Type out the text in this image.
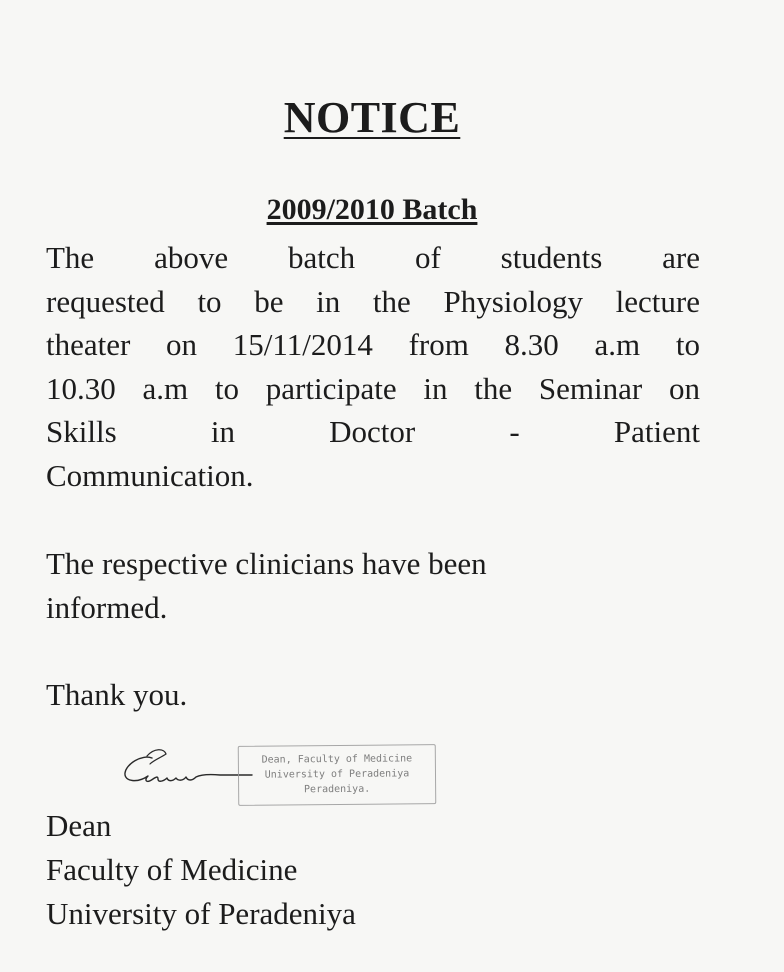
NOTICE
2009/2010 Batch
The above batch of students are
requested to be in the Physiology lecture
theater on 15/11/2014 from 8.30 a.m to
10.30 a.m to participate in the Seminar on
Skills in Doctor - Patient
Communication.
The respective clinicians have been
informed.
Thank you.
Dean, Faculty of Medicine
University of Peradeniya
Peradeniya.
Dean
Faculty of Medicine
University of Peradeniya
